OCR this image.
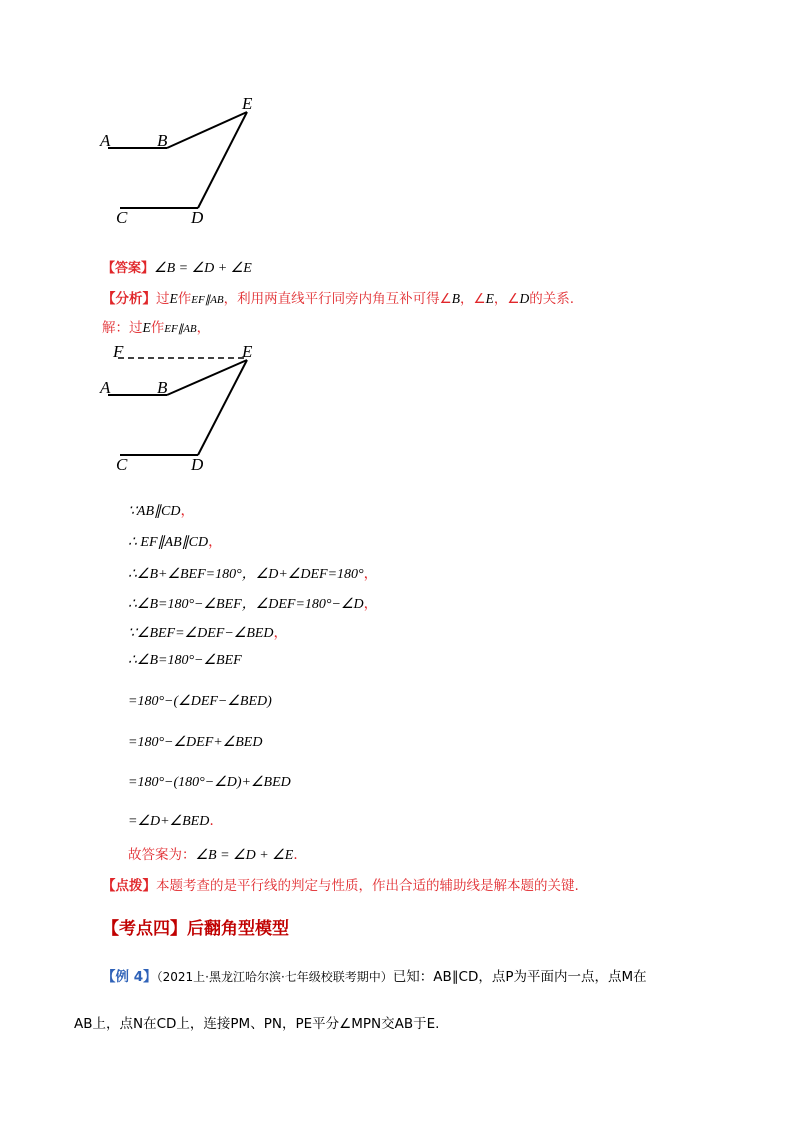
A	B
E
C	D
【答案】∠B = ∠D + ∠E
【分析】过E作EF∥AB，利用两直线平行同旁内角互补可得∠B，∠E，∠D的关系.
解：过E作EF∥AB，
F	E
A	B
C	D
∵AB∥CD，
∴ EF∥AB∥CD，
∴∠B+∠BEF=180°，∠D+∠DEF=180°，
∴∠B=180°−∠BEF，∠DEF=180°−∠D，
∵∠BEF=∠DEF−∠BED，
∴∠B=180°−∠BEF
=180°−(∠DEF−∠BED)
=180°−∠DEF+∠BED
=180°−(180°−∠D)+∠BED
=∠D+∠BED.
故答案为：∠B = ∠D + ∠E.
【点拨】本题考查的是平行线的判定与性质，作出合适的辅助线是解本题的关键.
【考点四】后翻角型模型
【例 4】（2021上·黑龙江哈尔滨·七年级校联考期中）已知：AB∥CD，点P为平面内一点，点M在
AB上，点N在CD上，连接PM、PN，PE平分∠MPN交AB于E.
